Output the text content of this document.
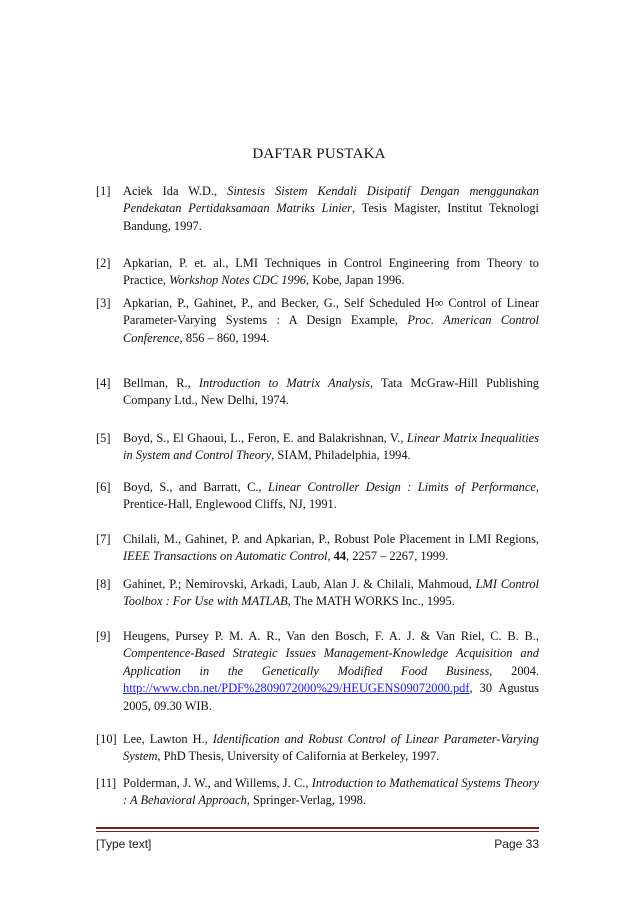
DAFTAR PUSTAKA
[1] Aciek Ida W.D., Sintesis Sistem Kendali Disipatif Dengan menggunakan Pendekatan Pertidaksamaan Matriks Linier, Tesis Magister, Institut Teknologi Bandung, 1997.
[2] Apkarian, P. et. al., LMI Techniques in Control Engineering from Theory to Practice, Workshop Notes CDC 1996, Kobe, Japan 1996.
[3] Apkarian, P., Gahinet, P., and Becker, G., Self Scheduled H∞ Control of Linear Parameter-Varying Systems : A Design Example, Proc. American Control Conference, 856 – 860, 1994.
[4] Bellman, R., Introduction to Matrix Analysis, Tata McGraw-Hill Publishing Company Ltd., New Delhi, 1974.
[5] Boyd, S., El Ghaoui, L., Feron, E. and Balakrishnan, V., Linear Matrix Inequalities in System and Control Theory, SIAM, Philadelphia, 1994.
[6] Boyd, S., and Barratt, C., Linear Controller Design : Limits of Performance, Prentice-Hall, Englewood Cliffs, NJ, 1991.
[7] Chilali, M., Gahinet, P. and Apkarian, P., Robust Pole Placement in LMI Regions, IEEE Transactions on Automatic Control, 44, 2257 – 2267, 1999.
[8] Gahinet, P.; Nemirovski, Arkadi, Laub, Alan J. & Chilali, Mahmoud, LMI Control Toolbox : For Use with MATLAB, The MATH WORKS Inc., 1995.
[9] Heugens, Pursey P. M. A. R., Van den Bosch, F. A. J. & Van Riel, C. B. B., Compentence-Based Strategic Issues Management-Knowledge Acquisition and Application in the Genetically Modified Food Business, 2004. http://www.cbn.net/PDF%2809072000%29/HEUGENS09072000.pdf, 30 Agustus 2005, 09.30 WIB.
[10] Lee, Lawton H., Identification and Robust Control of Linear Parameter-Varying System, PhD Thesis, University of California at Berkeley, 1997.
[11] Polderman, J. W., and Willems, J. C., Introduction to Mathematical Systems Theory : A Behavioral Approach, Springer-Verlag, 1998.
[Type text]	Page 33
